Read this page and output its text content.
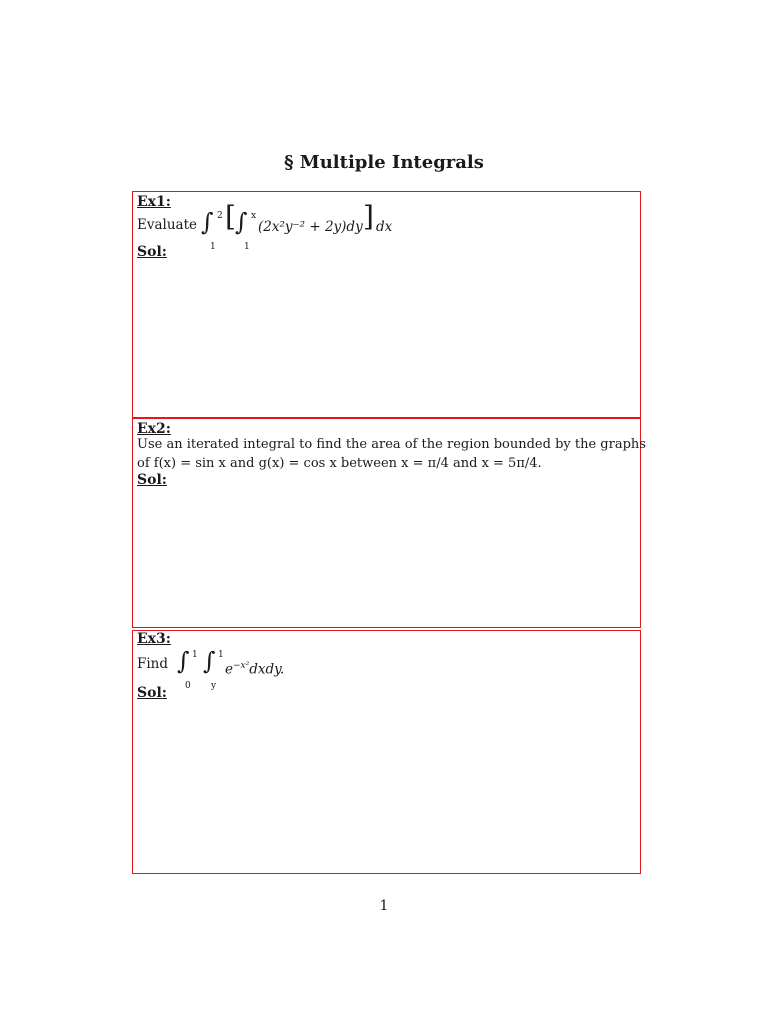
§ Multiple Integrals
Ex1:
Evaluate ∫ 2
1
[ ∫ x
1
(2x²y⁻² + 2y)dy ] dx
Sol:
Ex2:
Use an iterated integral to find the area of the region bounded by the graphs
of f(x) = sin x and g(x) = cos x between x = π/4 and x = 5π/4.
Sol:
Ex3:
Find ∫ 1
0
∫ 1
y
$e^{-x^2}dxdy$.
Sol:
1
